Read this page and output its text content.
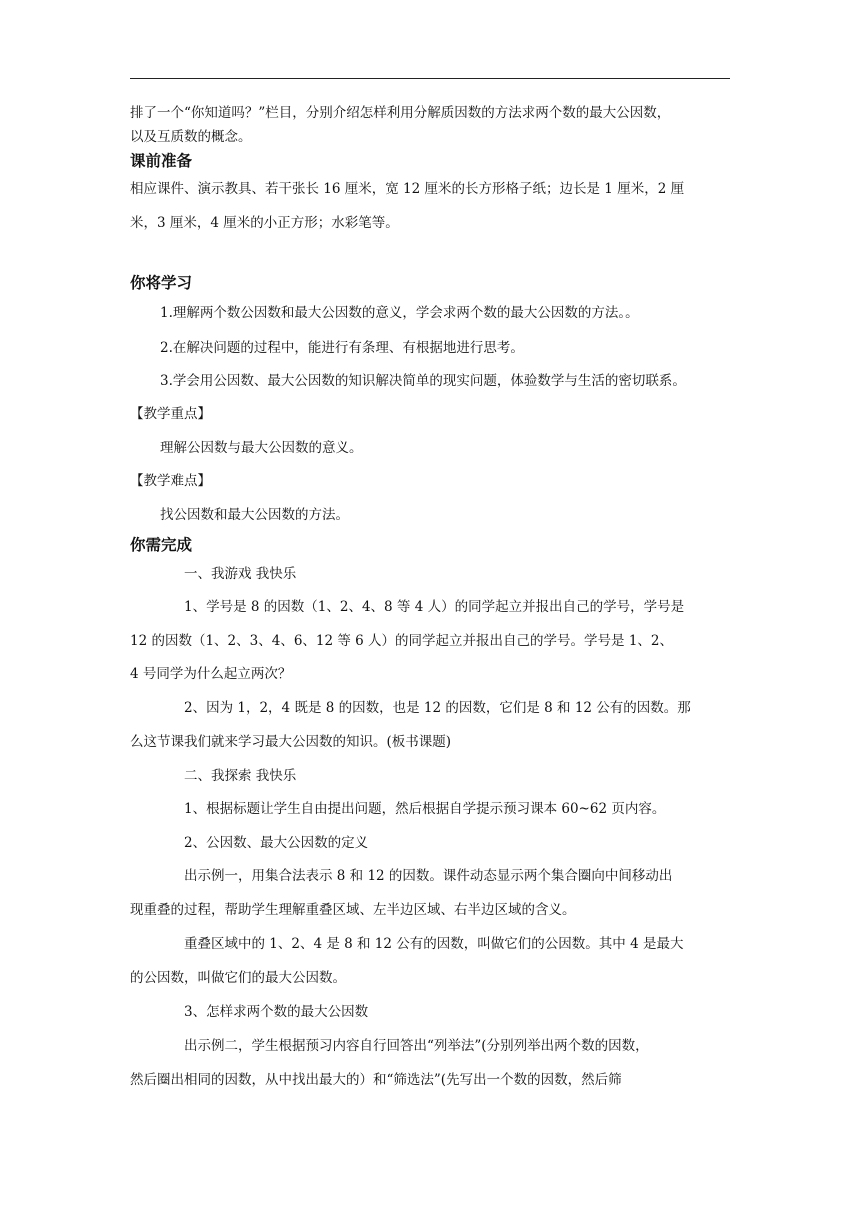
排了一个“你知道吗？”栏目，分别介绍怎样利用分解质因数的方法求两个数的最大公因数，
以及互质数的概念。
课前准备
相应课件、演示教具、若干张长 16 厘米，宽 12 厘米的长方形格子纸；边长是 1 厘米，2 厘
米，3 厘米，4 厘米的小正方形；水彩笔等。
你将学习
1.理解两个数公因数和最大公因数的意义，学会求两个数的最大公因数的方法。。
2.在解决问题的过程中，能进行有条理、有根据地进行思考。
3.学会用公因数、最大公因数的知识解决简单的现实问题，体验数学与生活的密切联系。
【教学重点】
理解公因数与最大公因数的意义。
【教学难点】
找公因数和最大公因数的方法。
你需完成
一、我游戏 我快乐
1、学号是 8 的因数（1、2、4、8 等 4 人）的同学起立并报出自己的学号，学号是
12 的因数（1、2、3、4、6、12 等 6 人）的同学起立并报出自己的学号。学号是 1、2、
4 号同学为什么起立两次？
2、因为 1，2，4 既是 8 的因数，也是 12 的因数，它们是 8 和 12 公有的因数。那
么这节课我们就来学习最大公因数的知识。(板书课题)
二、我探索 我快乐
1、根据标题让学生自由提出问题，然后根据自学提示预习课本 60~62 页内容。
2、公因数、最大公因数的定义
出示例一，用集合法表示 8 和 12 的因数。课件动态显示两个集合圈向中间移动出
现重叠的过程，帮助学生理解重叠区域、左半边区域、右半边区域的含义。
重叠区域中的 1、2、4 是 8 和 12 公有的因数，叫做它们的公因数。其中 4 是最大
的公因数，叫做它们的最大公因数。
3、怎样求两个数的最大公因数
出示例二，学生根据预习内容自行回答出“列举法”(分别列举出两个数的因数，
然后圈出相同的因数，从中找出最大的）和“筛选法”(先写出一个数的因数，然后筛
